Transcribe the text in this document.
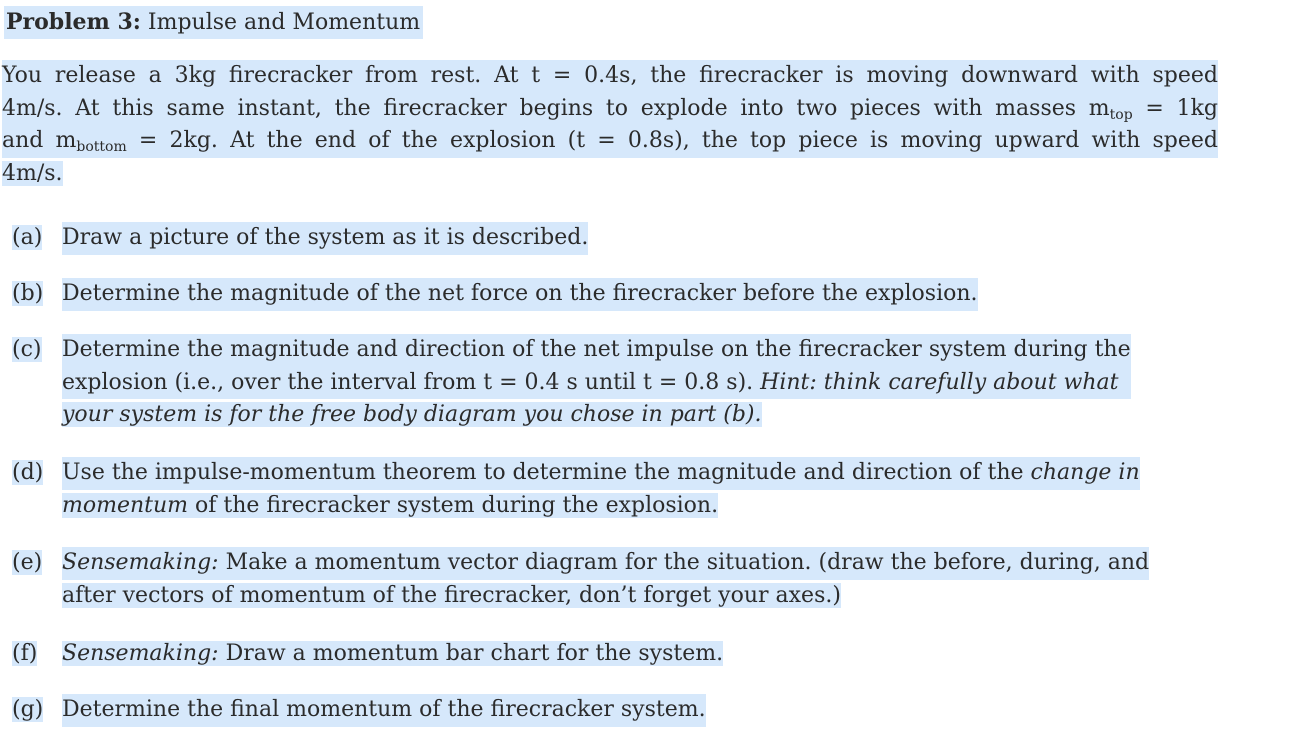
Problem 3: Impulse and Momentum
You release a 3kg firecracker from rest. At t = 0.4s, the firecracker is moving downward with speed
4m/s. At this same instant, the firecracker begins to explode into two pieces with masses $m_{top} = 1kg$
and $m_{bottom} = 2kg$. At the end of the explosion (t = 0.8s), the top piece is moving upward with speed
4m/s.
(a) Draw a picture of the system as it is described.
(b) Determine the magnitude of the net force on the firecracker before the explosion.
(c) Determine the magnitude and direction of the net impulse on the firecracker system during the
explosion (i.e., over the interval from t = 0.4 s until t = 0.8 s). Hint: think carefully about what
your system is for the free body diagram you chose in part (b).
(d) Use the impulse-momentum theorem to determine the magnitude and direction of the change in
momentum of the firecracker system during the explosion.
(e) Sensemaking: Make a momentum vector diagram for the situation. (draw the before, during, and
after vectors of momentum of the firecracker, don’t forget your axes.)
(f)	Sensemaking: Draw a momentum bar chart for the system.
(g) Determine the final momentum of the firecracker system.
